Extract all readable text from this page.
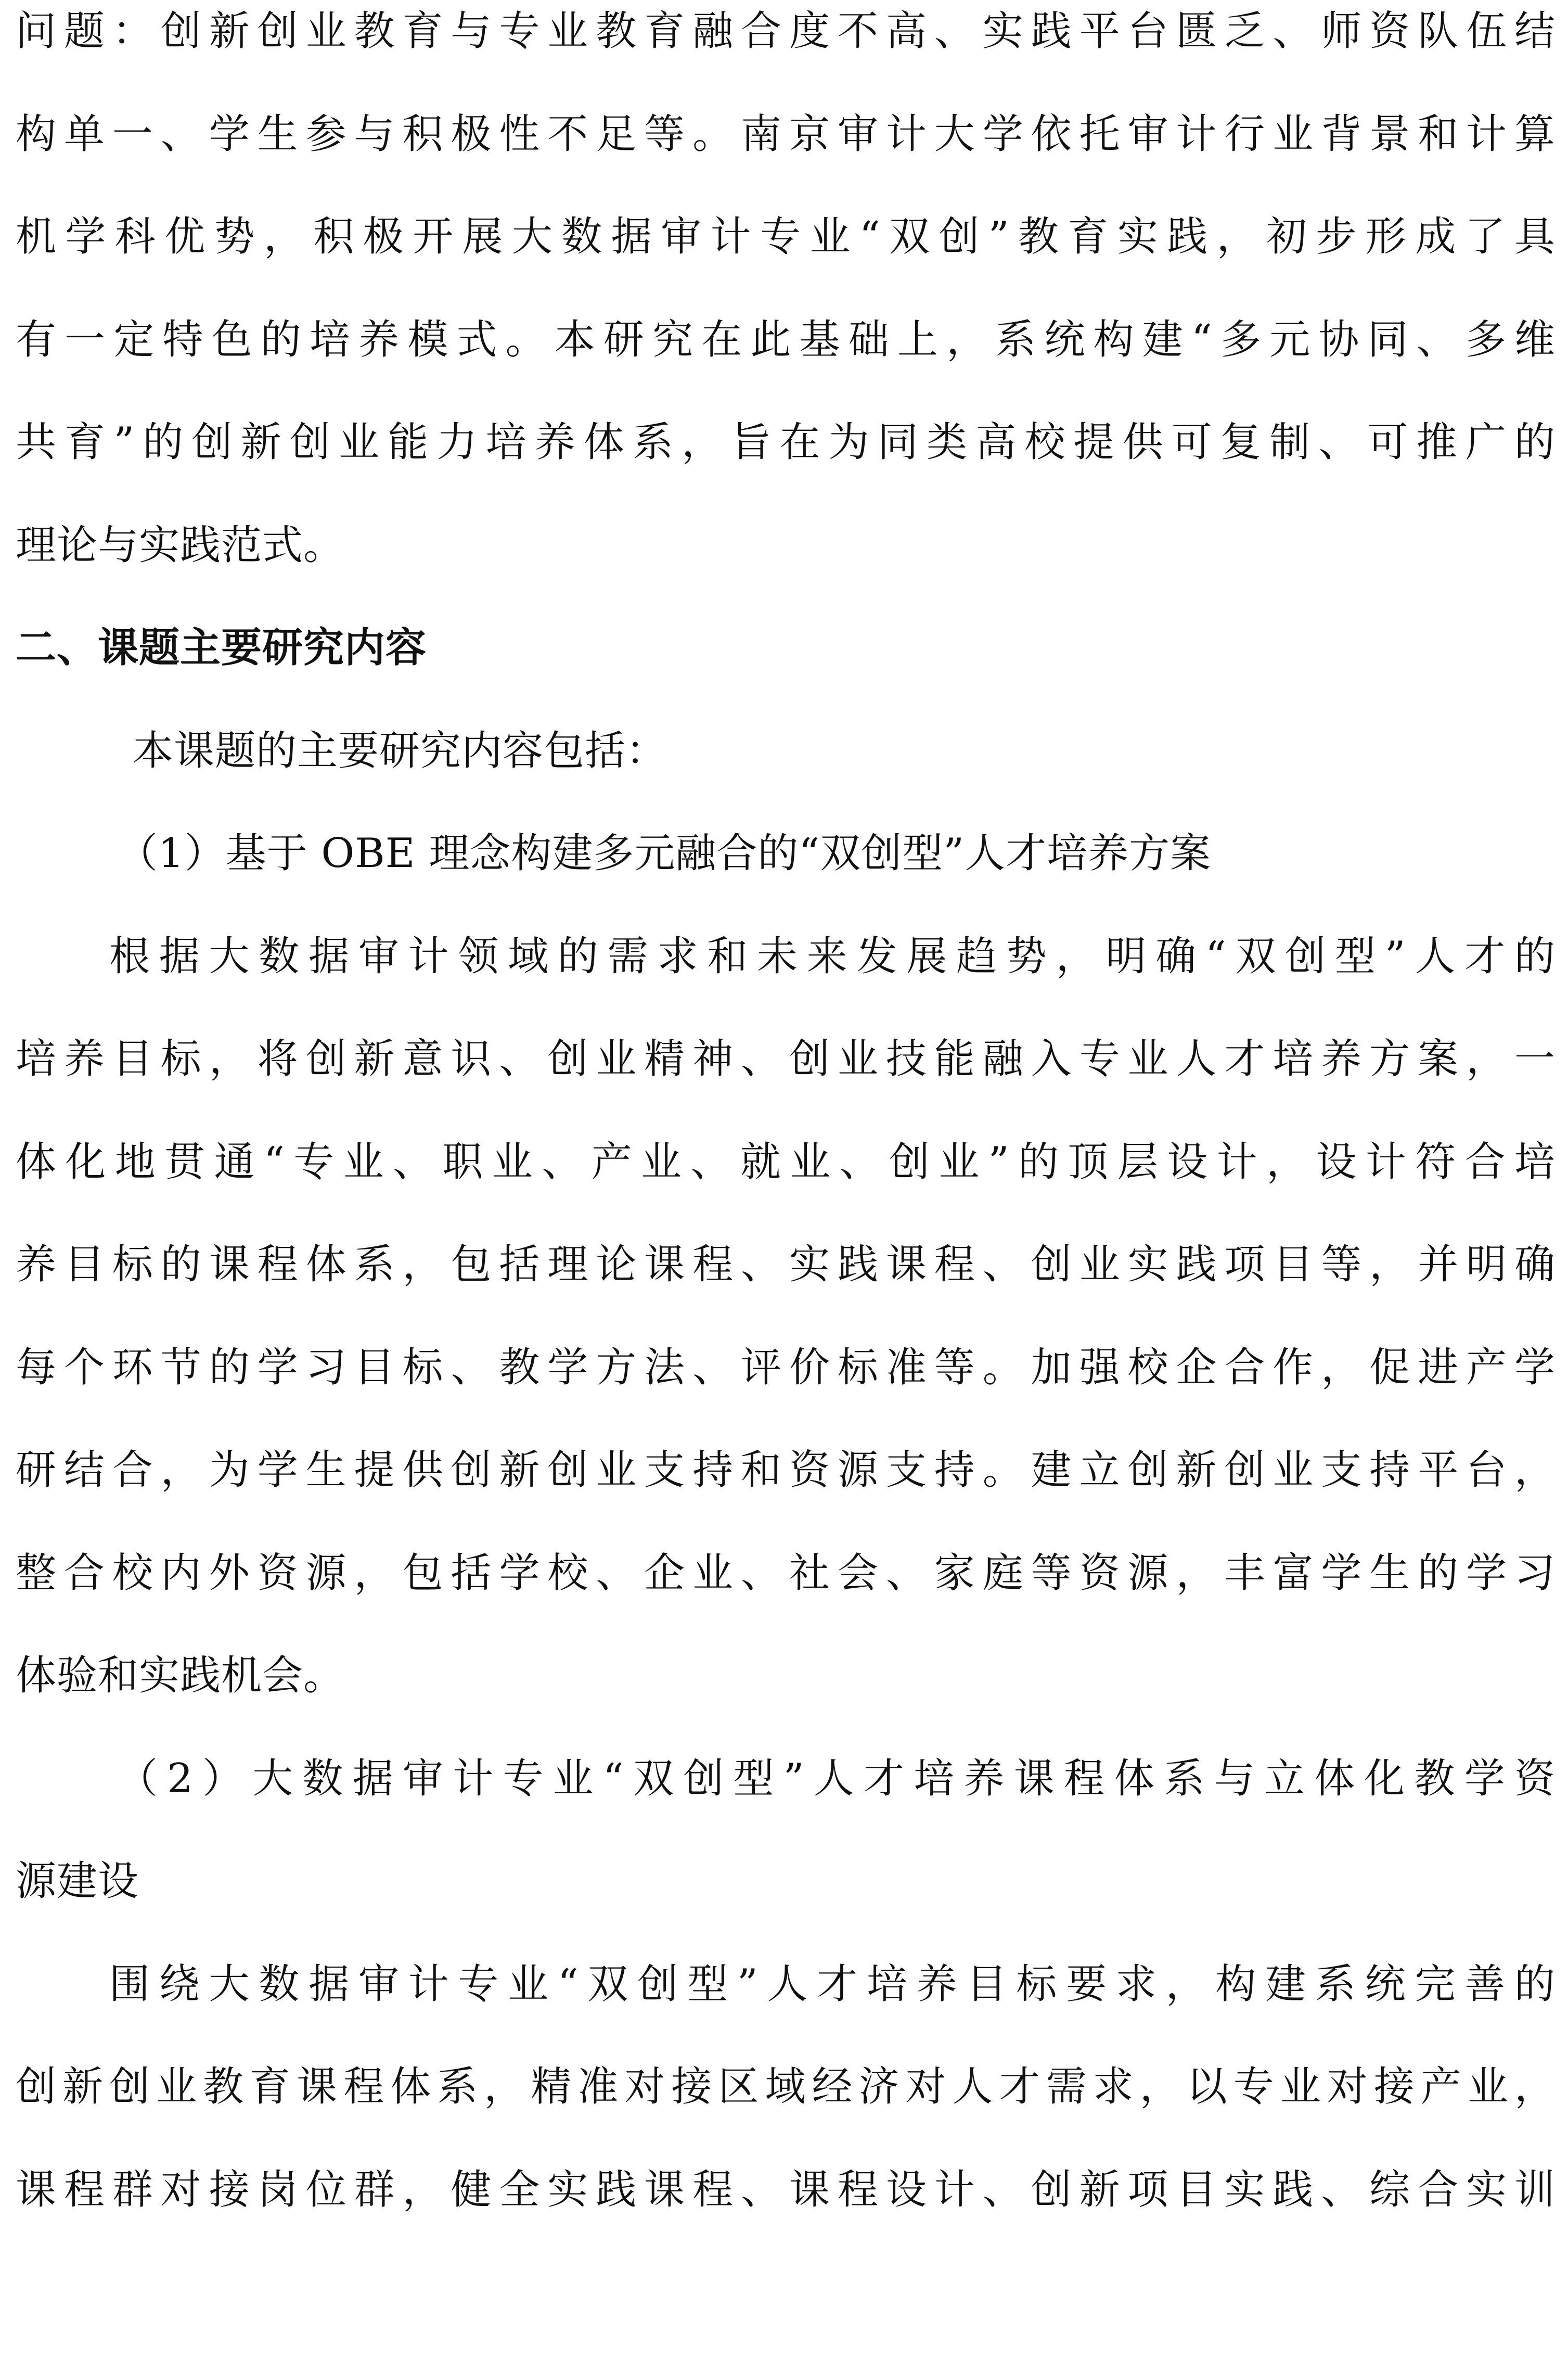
问题：创新创业教育与专业教育融合度不高、实践平台匮乏、师资队伍结
构单一、学生参与积极性不足等。南京审计大学依托审计行业背景和计算
机学科优势，积极开展大数据审计专业“双创”教育实践，初步形成了具
有一定特色的培养模式。本研究在此基础上，系统构建“多元协同、多维
共育”的创新创业能力培养体系，旨在为同类高校提供可复制、可推广的
理论与实践范式。
二、课题主要研究内容
本课题的主要研究内容包括：
（1）基于 OBE 理念构建多元融合的“双创型”人才培养方案
根据大数据审计领域的需求和未来发展趋势，明确“双创型”人才的
培养目标，将创新意识、创业精神、创业技能融入专业人才培养方案，一
体化地贯通“专业、职业、产业、就业、创业”的顶层设计，设计符合培
养目标的课程体系，包括理论课程、实践课程、创业实践项目等，并明确
每个环节的学习目标、教学方法、评价标准等。加强校企合作，促进产学
研结合，为学生提供创新创业支持和资源支持。建立创新创业支持平台，
整合校内外资源，包括学校、企业、社会、家庭等资源，丰富学生的学习
体验和实践机会。
（2）大数据审计专业“双创型”人才培养课程体系与立体化教学资
源建设
围绕大数据审计专业“双创型”人才培养目标要求，构建系统完善的
创新创业教育课程体系，精准对接区域经济对人才需求，以专业对接产业，
课程群对接岗位群，健全实践课程、课程设计、创新项目实践、综合实训
